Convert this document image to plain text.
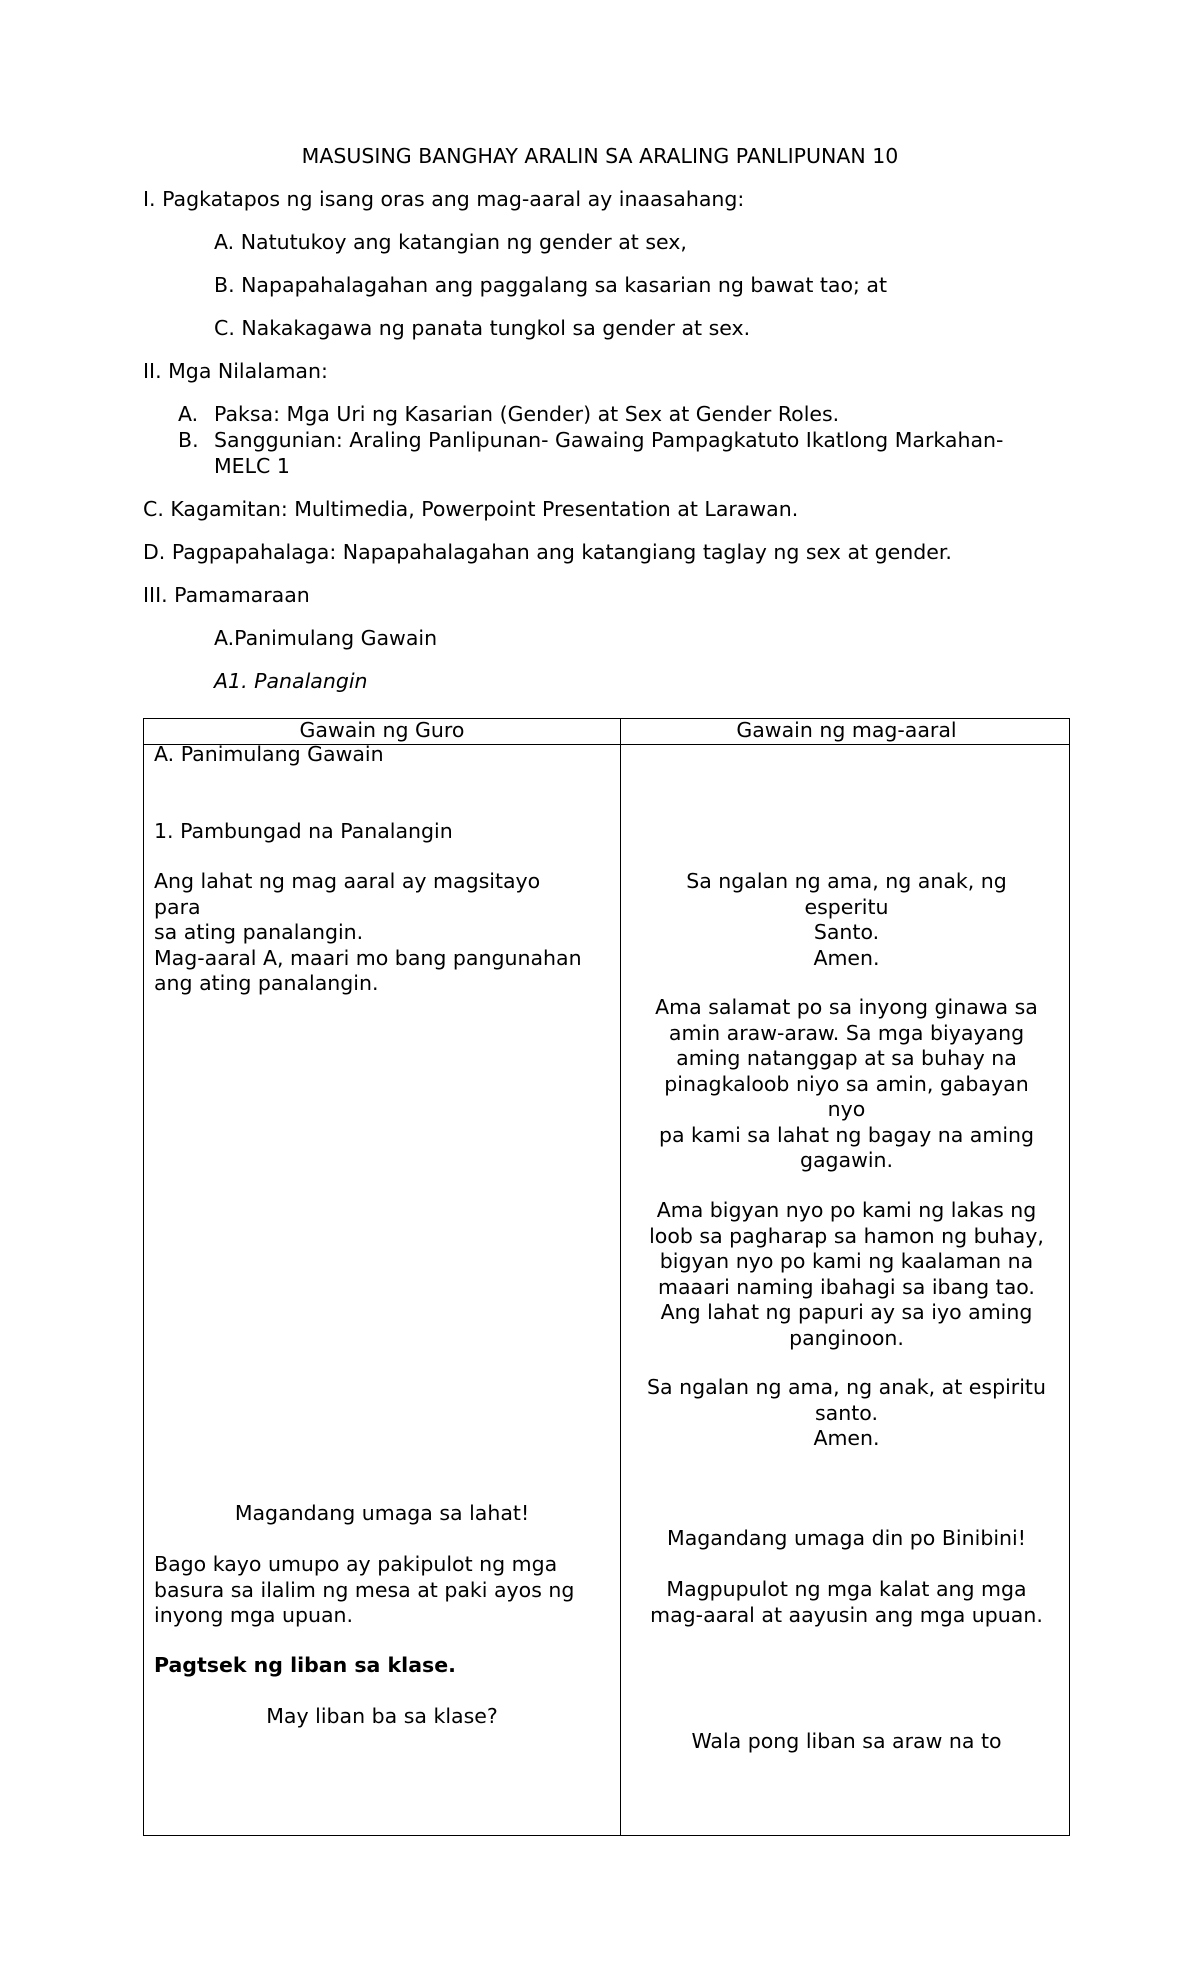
MASUSING BANGHAY ARALIN SA ARALING PANLIPUNAN 10
I. Pagkatapos ng isang oras ang mag-aaral ay inaasahang:
A. Natutukoy ang katangian ng gender at sex,
B. Napapahalagahan ang paggalang sa kasarian ng bawat tao; at
C. Nakakagawa ng panata tungkol sa gender at sex.
II. Mga Nilalaman:
A. Paksa: Mga Uri ng Kasarian (Gender) at Sex at Gender Roles.
B. Sanggunian: Araling Panlipunan- Gawaing Pampagkatuto Ikatlong Markahan-
MELC 1
C. Kagamitan: Multimedia, Powerpoint Presentation at Larawan.
D. Pagpapahalaga: Napapahalagahan ang katangiang taglay ng sex at gender.
III. Pamamaraan
A.Panimulang Gawain
A1. Panalangin
Gawain ng Guro	Gawain ng mag-aaral
A. Panimulang Gawain
1. Pambungad na Panalangin
Ang lahat ng mag aaral ay magsitayo
para
sa ating panalangin.
Mag-aaral A, maari mo bang pangunahan
ang ating panalangin.
Magandang umaga sa lahat!
Bago kayo umupo ay pakipulot ng mga
basura sa ilalim ng mesa at paki ayos ng
inyong mga upuan.
Pagtsek ng liban sa klase.
May liban ba sa klase?
Sa ngalan ng ama, ng anak, ng
esperitu
Santo.
Amen.
Ama salamat po sa inyong ginawa sa
amin araw-araw. Sa mga biyayang
aming natanggap at sa buhay na
pinagkaloob niyo sa amin, gabayan
nyo
pa kami sa lahat ng bagay na aming
gagawin.
Ama bigyan nyo po kami ng lakas ng
loob sa pagharap sa hamon ng buhay,
bigyan nyo po kami ng kaalaman na
maaari naming ibahagi sa ibang tao.
Ang lahat ng papuri ay sa iyo aming
panginoon.
Sa ngalan ng ama, ng anak, at espiritu
santo.
Amen.
Magandang umaga din po Binibini!
Magpupulot ng mga kalat ang mga
mag-aaral at aayusin ang mga upuan.
Wala pong liban sa araw na to
